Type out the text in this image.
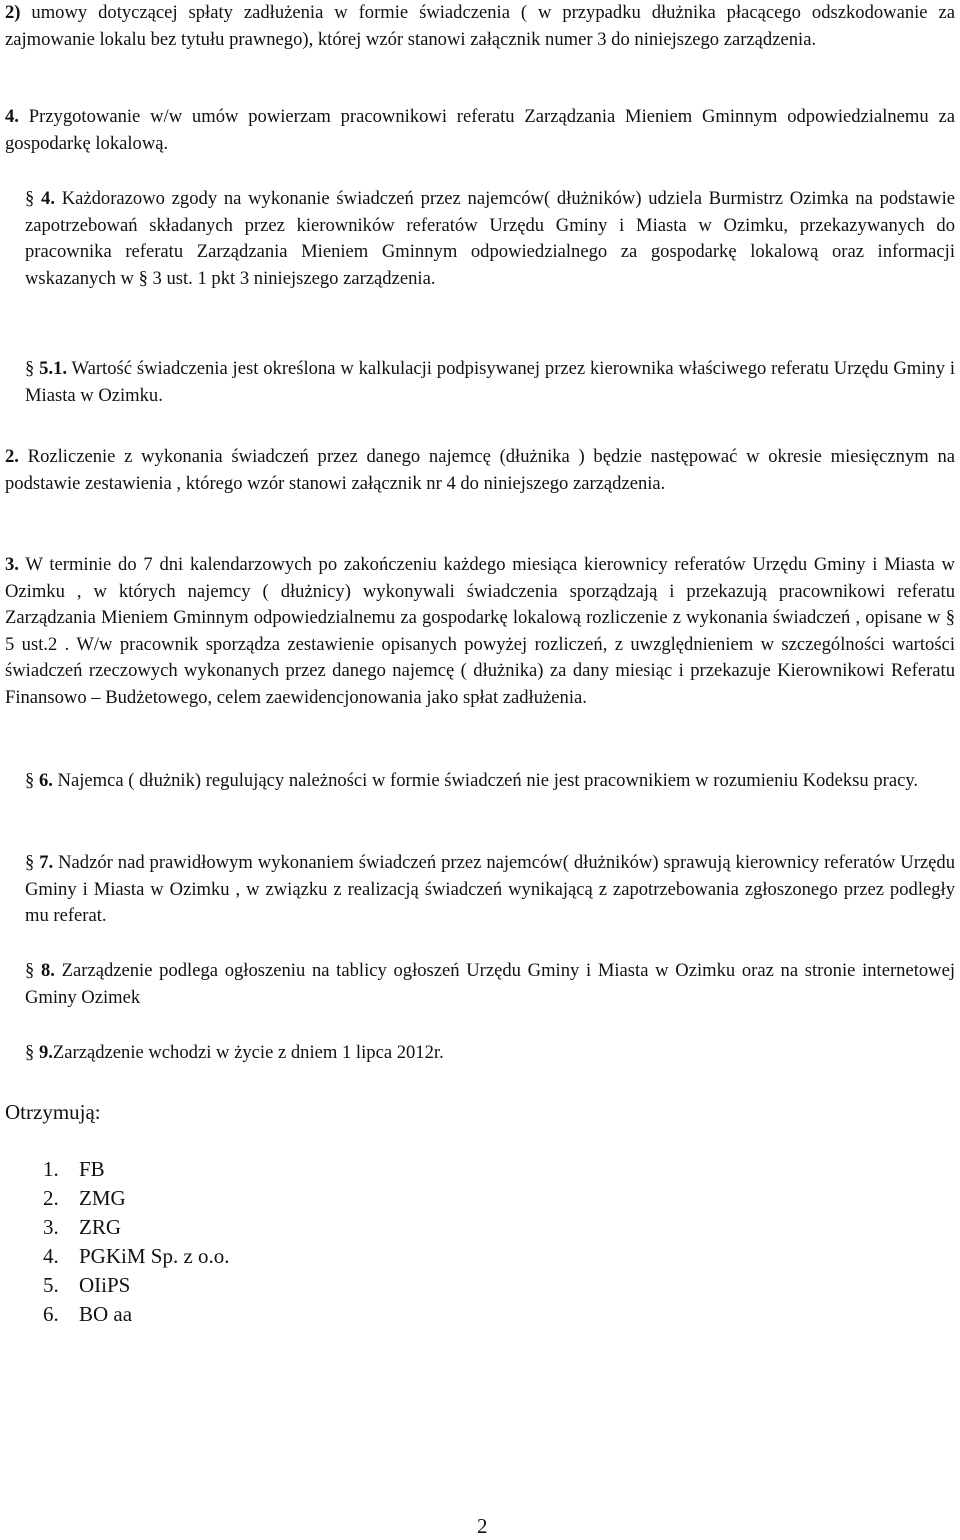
2) umowy dotyczącej spłaty zadłużenia w formie świadczenia ( w przypadku dłużnika płacącego odszkodowanie za zajmowanie lokalu bez tytułu prawnego), której wzór stanowi załącznik numer 3 do niniejszego zarządzenia.

4. Przygotowanie w/w umów powierzam pracownikowi referatu Zarządzania Mieniem Gminnym odpowiedzialnemu za gospodarkę lokalową.

§ 4. Każdorazowo zgody na wykonanie świadczeń przez najemców( dłużników) udziela Burmistrz Ozimka na podstawie zapotrzebowań składanych przez kierowników referatów Urzędu Gminy i Miasta w Ozimku, przekazywanych do pracownika referatu Zarządzania Mieniem Gminnym odpowiedzialnego za gospodarkę lokalową oraz informacji wskazanych w § 3 ust. 1 pkt 3 niniejszego zarządzenia.

§ 5.1. Wartość świadczenia jest określona w kalkulacji podpisywanej przez kierownika właściwego referatu Urzędu Gminy i Miasta w Ozimku.

2. Rozliczenie z wykonania świadczeń przez danego najemcę (dłużnika ) będzie następować w okresie miesięcznym na podstawie zestawienia , którego wzór stanowi załącznik nr 4 do niniejszego zarządzenia.

3. W terminie do 7 dni kalendarzowych po zakończeniu każdego miesiąca kierownicy referatów Urzędu Gminy i Miasta w Ozimku , w których najemcy ( dłużnicy) wykonywali świadczenia sporządzają i przekazują pracownikowi referatu Zarządzania Mieniem Gminnym odpowiedzialnemu za gospodarkę lokalową rozliczenie z wykonania świadczeń , opisane w § 5 ust.2 . W/w pracownik sporządza zestawienie opisanych powyżej rozliczeń, z uwzględnieniem w szczególności wartości świadczeń rzeczowych wykonanych przez danego najemcę ( dłużnika) za dany miesiąc i przekazuje Kierownikowi Referatu Finansowo – Budżetowego, celem zaewidencjonowania jako spłat zadłużenia.

§ 6. Najemca ( dłużnik) regulujący należności w formie świadczeń nie jest pracownikiem w rozumieniu Kodeksu pracy.

§ 7. Nadzór nad prawidłowym wykonaniem świadczeń przez najemców( dłużników) sprawują kierownicy referatów Urzędu Gminy i Miasta w Ozimku , w związku z realizacją świadczeń wynikającą z zapotrzebowania zgłoszonego przez podległy mu referat.

§ 8. Zarządzenie podlega ogłoszeniu na tablicy ogłoszeń Urzędu Gminy i Miasta w Ozimku oraz na stronie internetowej Gminy Ozimek

§ 9.Zarządzenie wchodzi w życie z dniem 1 lipca 2012r.

Otrzymują:
1. FB
2. ZMG
3. ZRG
4. PGKiM Sp. z o.o.
5. OIiPS
6. BO aa
2
